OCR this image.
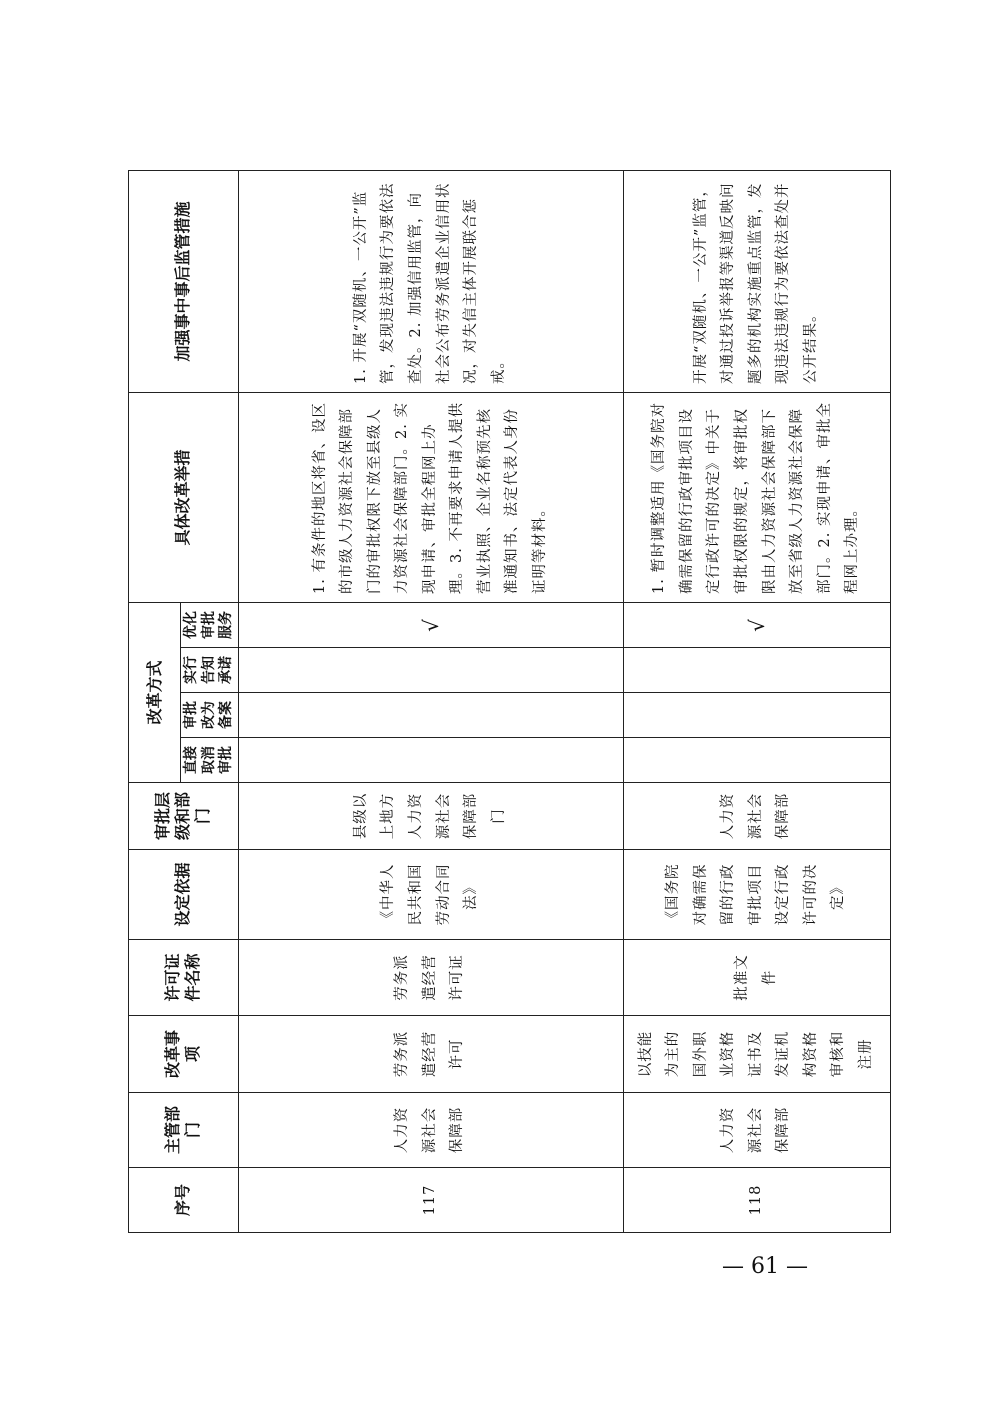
序号	主管部门	改革事项	许可证件名称	设定依据	审批层级和部门	改革方式				具体改革举措	加强事中事后监管措施
						直接取消审批	审批改为备案	实行告知承诺	优化审批服务		
117	人力资源社会保障部	劳务派遣经营许可	劳务派遣经营许可证	《中华人民共和国劳动合同法》	县级以上地方人力资源社会保障部门				√	1. 有条件的地区将省、设区的市级人力资源社会保障部门的审批权限下放至县级人力资源社会保障部门。2. 实现申请、审批全程网上办理。3. 不再要求申请人提供营业执照、企业名称预先核准通知书、法定代表人身份证明等材料。	1. 开展“双随机、一公开”监管，发现违法违规行为要依法查处。2. 加强信用监管，向社会公布劳务派遣企业信用状况，对失信主体开展联合惩戒。
118	人力资源社会保障部	以技能为主的国外职业资格证书及发证机构资格审核和注册	批准文件	《国务院对确需保留的行政审批项目设定行政许可的决定》	人力资源社会保障部				√	1. 暂时调整适用《国务院对确需保留的行政审批项目设定行政许可的决定》中关于审批权限的规定，将审批权限由人力资源社会保障部下放至省级人力资源社会保障部门。2. 实现申请、审批全程网上办理。	开展“双随机、一公开”监管，对通过投诉举报等渠道反映问题多的机构实施重点监管，发现违法违规行为要依法查处并公开结果。
— 61 —
